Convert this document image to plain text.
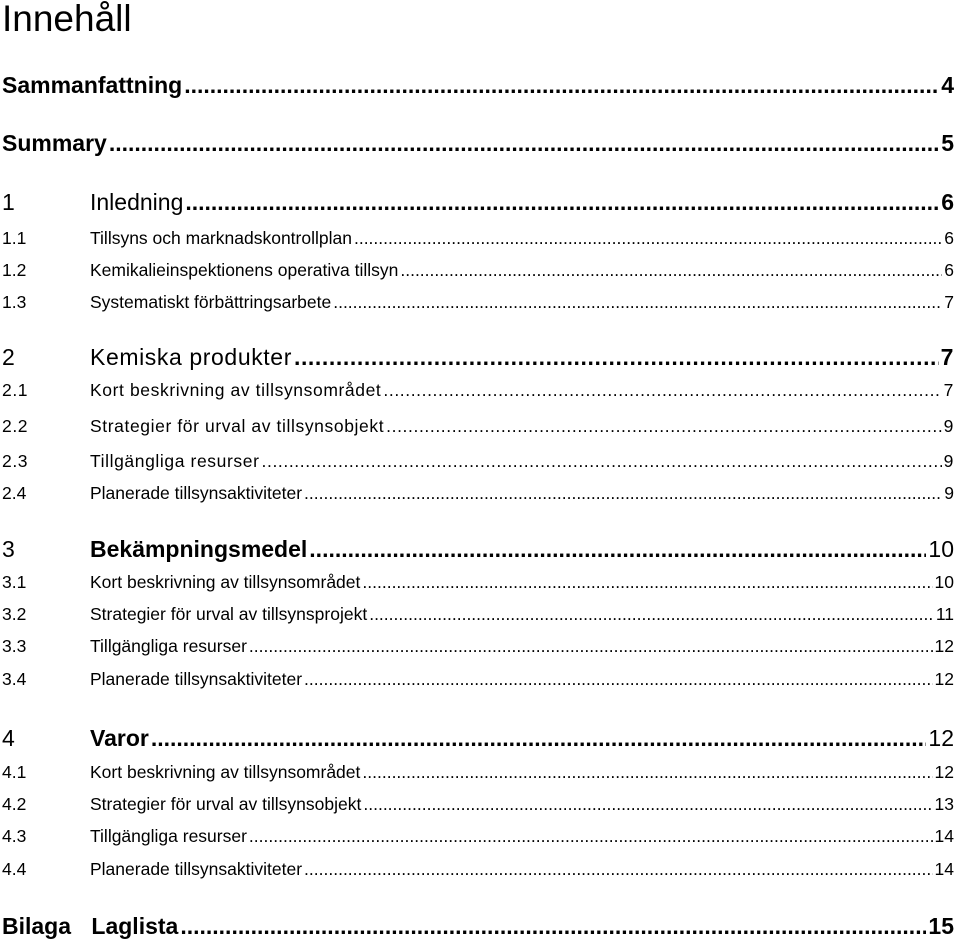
Innehåll
Sammanfattning .....	4
Summary .....	5
1	Inledning .....	6
1.1	Tillsyns och marknadskontrollplan .....	6
1.2	Kemikalieinspektionens operativa tillsyn .....	6
1.3	Systematiskt förbättringsarbete .....	7
2	Kemiska produkter .....	7
2.1	Kort beskrivning av tillsynsområdet .....	7
2.2	Strategier för urval av tillsynsobjekt .....	9
2.3	Tillgängliga resurser .....	9
2.4	Planerade tillsynsaktiviteter .....	9
3	Bekämpningsmedel .....	10
3.1	Kort beskrivning av tillsynsområdet .....	10
3.2	Strategier för urval av tillsynsprojekt .....	11
3.3	Tillgängliga resurser .....	12
3.4	Planerade tillsynsaktiviteter .....	12
4	Varor .....	12
4.1	Kort beskrivning av tillsynsområdet .....	12
4.2	Strategier för urval av tillsynsobjekt .....	13
4.3	Tillgängliga resurser .....	14
4.4	Planerade tillsynsaktiviteter .....	14
Bilaga Laglista .....	15
